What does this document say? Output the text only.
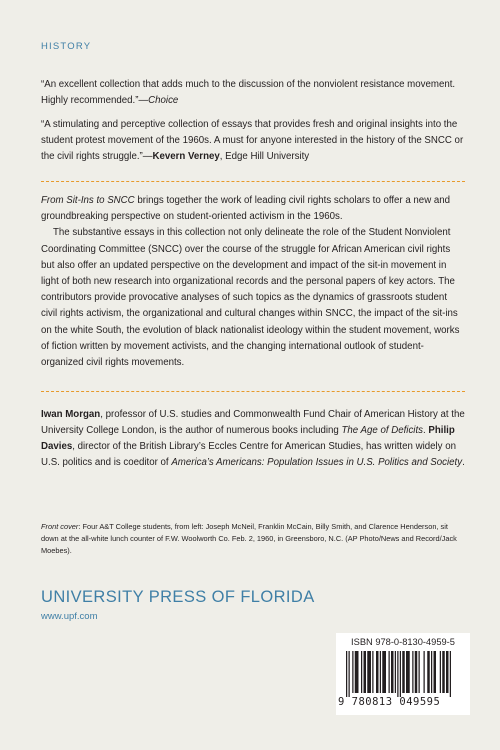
HISTORY

“An excellent collection that adds much to the discussion of the nonviolent resistance movement. Highly recommended.”—Choice

“A stimulating and perceptive collection of essays that provides fresh and original insights into the student protest movement of the 1960s. A must for anyone interested in the history of the SNCC or the civil rights struggle.”—Kevern Verney, Edge Hill University

From Sit-Ins to SNCC brings together the work of leading civil rights scholars to offer a new and groundbreaking perspective on student-oriented activism in the 1960s.

The substantive essays in this collection not only delineate the role of the Student Nonviolent Coordinating Committee (SNCC) over the course of the struggle for African American civil rights but also offer an updated perspective on the development and impact of the sit-in movement in light of both new research into organizational records and the personal papers of key actors. The contributors provide provocative analyses of such topics as the dynamics of grassroots student civil rights activism, the organizational and cultural changes within SNCC, the impact of the sit-ins on the white South, the evolution of black nationalist ideology within the student movement, works of fiction written by movement activists, and the changing international outlook of student-organized civil rights movements.

Iwan Morgan, professor of U.S. studies and Commonwealth Fund Chair of American History at the University College London, is the author of numerous books including The Age of Deficits. Philip Davies, director of the British Library’s Eccles Centre for American Studies, has written widely on U.S. politics and is coeditor of America’s Americans: Population Issues in U.S. Politics and Society.
Front cover: Four A&T College students, from left: Joseph McNeil, Franklin McCain, Billy Smith, and Clarence Henderson, sit down at the all-white lunch counter of F.W. Woolworth Co. Feb. 2, 1960, in Greensboro, N.C. (AP Photo/News and Record/Jack Moebes).
UNIVERSITY PRESS OF FLORIDA
www.upf.com
ISBN 978-0-8130-4959-5
9 780813 049595
